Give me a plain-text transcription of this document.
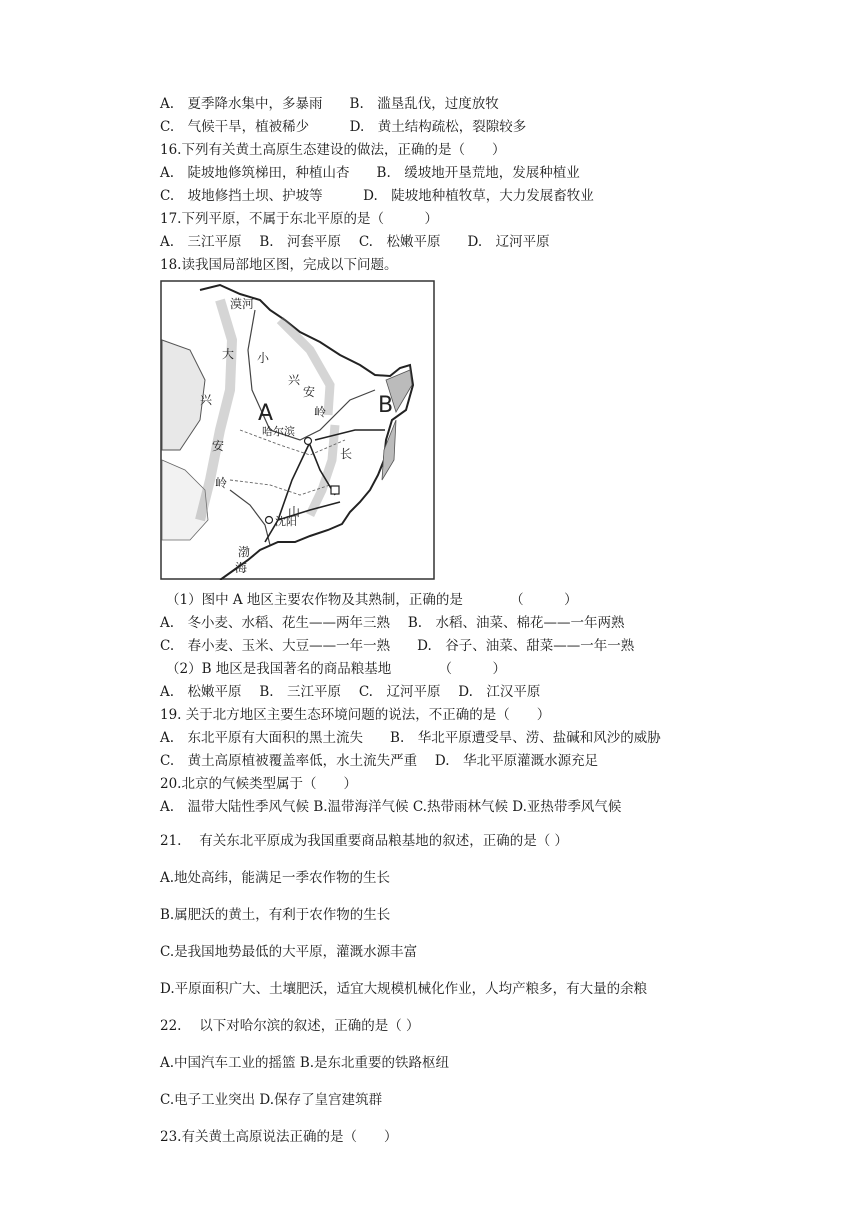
A.　夏季降水集中，多暴雨　　B.　滥垦乱伐，过度放牧
C.　气候干旱，植被稀少　　　D.　黄土结构疏松，裂隙较多
16.下列有关黄土高原生态建设的做法，正确的是（　　）
A.　陡坡地修筑梯田，种植山杏　　B.　缓坡地开垦荒地，发展种植业
C.　坡地修挡土坝、护坡等　　　D.　陡坡地种植牧草，大力发展畜牧业
17.下列平原，不属于东北平原的是（　　　）
A.　三江平原　 B.　河套平原　 C.　松嫩平原　　D.　辽河平原
18.读我国局部地区图，完成以下问题。
漠河
大
兴
安
岭
小
兴
安
岭
A	B
哈尔滨
长
山
沈阳
渤
海
（1）图中 A 地区主要农作物及其熟制，正确的是　　　　（　　　）
A.　冬小麦、水稻、花生——两年三熟　 B.　水稻、油菜、棉花——一年两熟
C.　春小麦、玉米、大豆——一年一熟　　D.　谷子、油菜、甜菜——一年一熟
（2）B 地区是我国著名的商品粮基地　　　　（　　　）
A.　松嫩平原　 B.　三江平原　 C.　辽河平原　 D.　江汉平原
19. 关于北方地区主要生态环境问题的说法，不正确的是（　　）
A.　东北平原有大面积的黑土流失　　B.　华北平原遭受旱、涝、盐碱和风沙的威胁
C.　黄土高原植被覆盖率低，水土流失严重　 D.　华北平原灌溉水源充足
20.北京的气候类型属于（　　）
A.　温带大陆性季风气候 B.温带海洋气候 C.热带雨林气候 D.亚热带季风气候
21.　 有关东北平原成为我国重要商品粮基地的叙述，正确的是（ ）
A.地处高纬，能满足一季农作物的生长
B.属肥沃的黄土，有利于农作物的生长
C.是我国地势最低的大平原，灌溉水源丰富
D.平原面积广大、土壤肥沃，适宜大规模机械化作业，人均产粮多，有大量的余粮
22.　 以下对哈尔滨的叙述，正确的是（ ）
A.中国汽车工业的摇篮 B.是东北重要的铁路枢纽
C.电子工业突出 D.保存了皇宫建筑群
23.有关黄土高原说法正确的是（　　）
